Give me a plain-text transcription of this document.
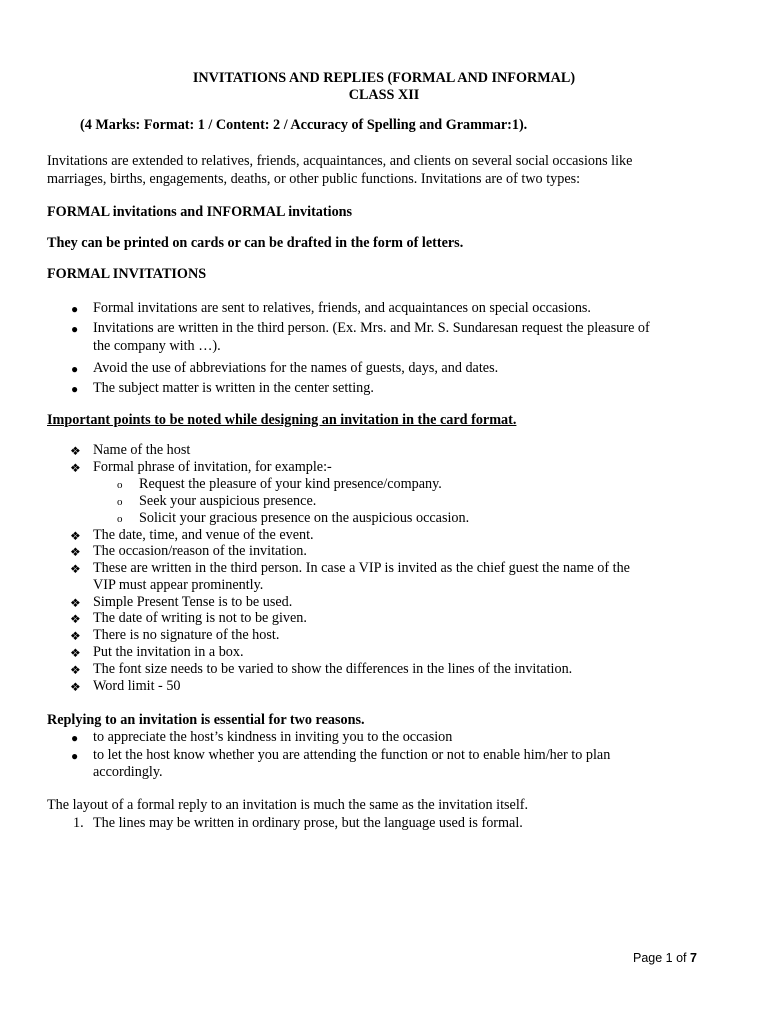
INVITATIONS AND REPLIES (FORMAL AND INFORMAL)
CLASS XII
(4 Marks: Format: 1 / Content: 2 / Accuracy of Spelling and Grammar:1).
Invitations are extended to relatives, friends, acquaintances, and clients on several social occasions like
marriages, births, engagements, deaths, or other public functions. Invitations are of two types:
FORMAL invitations and INFORMAL invitations
They can be printed on cards or can be drafted in the form of letters.
FORMAL INVITATIONS
● Formal invitations are sent to relatives, friends, and acquaintances on special occasions.
● Invitations are written in the third person. (Ex. Mrs. and Mr. S. Sundaresan request the pleasure of
the company with …).
● Avoid the use of abbreviations for the names of guests, days, and dates.
● The subject matter is written in the center setting.
Important points to be noted while designing an invitation in the card format.
❖ Name of the host
❖ Formal phrase of invitation, for example:-
o Request the pleasure of your kind presence/company.
o Seek your auspicious presence.
o Solicit your gracious presence on the auspicious occasion.
❖ The date, time, and venue of the event.
❖ The occasion/reason of the invitation.
❖ These are written in the third person. In case a VIP is invited as the chief guest the name of the
VIP must appear prominently.
❖ Simple Present Tense is to be used.
❖ The date of writing is not to be given.
❖ There is no signature of the host.
❖ Put the invitation in a box.
❖ The font size needs to be varied to show the differences in the lines of the invitation.
❖ Word limit - 50
Replying to an invitation is essential for two reasons.
● to appreciate the host’s kindness in inviting you to the occasion
● to let the host know whether you are attending the function or not to enable him/her to plan
accordingly.
The layout of a formal reply to an invitation is much the same as the invitation itself.
1. The lines may be written in ordinary prose, but the language used is formal.
Page 1 of 7
